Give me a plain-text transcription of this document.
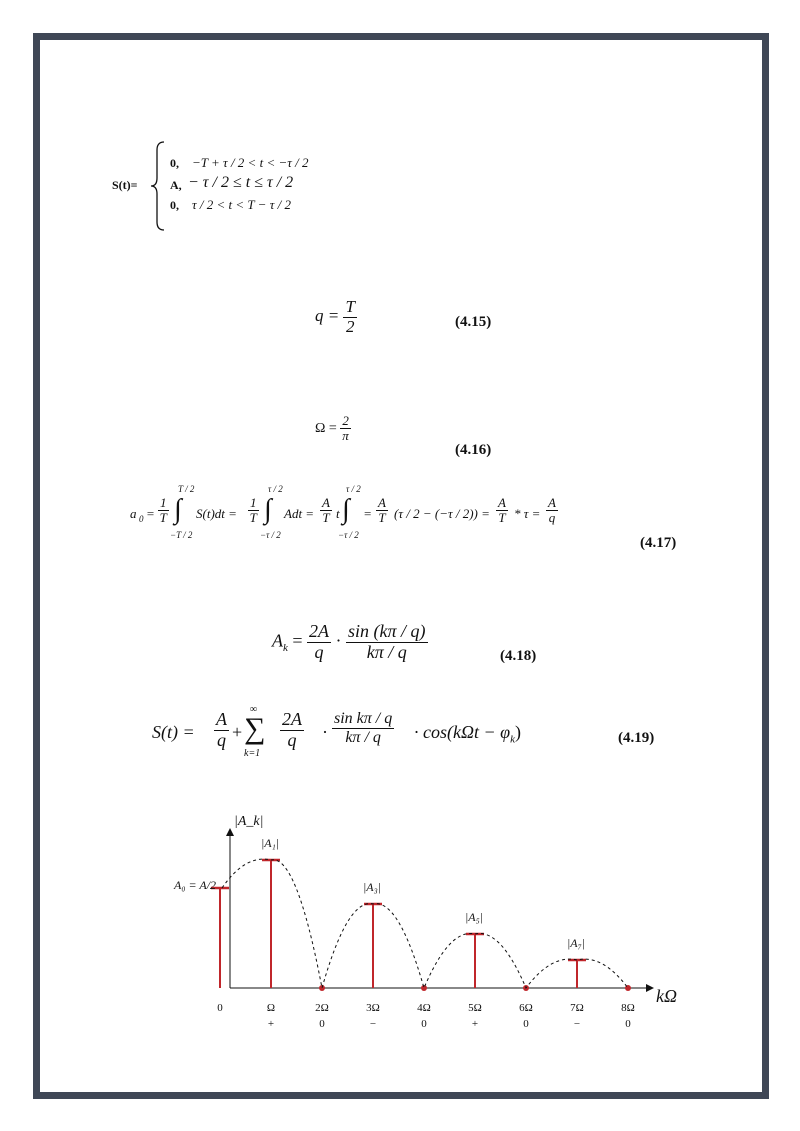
S(t)=
0, −T + τ / 2 < t < −τ / 2
A, − τ / 2 ≤ t ≤ τ / 2
0, τ / 2 < t < T − τ / 2
$q = \frac{T}{2}$	(4.15)
$\Omega = \frac{2}{\pi}$
(4.16)
a $0 = \frac{1}{T}$
T / 2
∫
−T / 2
$S(t)dt = \frac{1}{T}$
τ / 2
∫
−τ / 2
Adt = $\frac{A}{T}$ t
τ / 2
∫
−τ / 2
= $\frac{A}{T} (\tau / 2 - (-\tau / 2)) = \frac{A}{T} * \tau = \frac{A}{q}$
(4.17)
$A_k = \frac{2A}{q} \cdot \frac{\sin (k\pi / q)}{k\pi / q}$	(4.18)
$S(t) = \frac{A}{q}$ +
∞
∑
k=1
$\frac{2A}{q} \cdot \frac{\text{sin kπ / q}}{k\pi / q} \cdot \cos(k\Omega t - \varphi_k)$	(4.19)
|A_k|
kΩ
0
A₀ = A/2
Ω
+
|A₁|
2Ω
0
3Ω
−
|A₃|
4Ω
0
5Ω
+
|A₅|
6Ω
0
7Ω
−
|A₇|
8Ω
0
